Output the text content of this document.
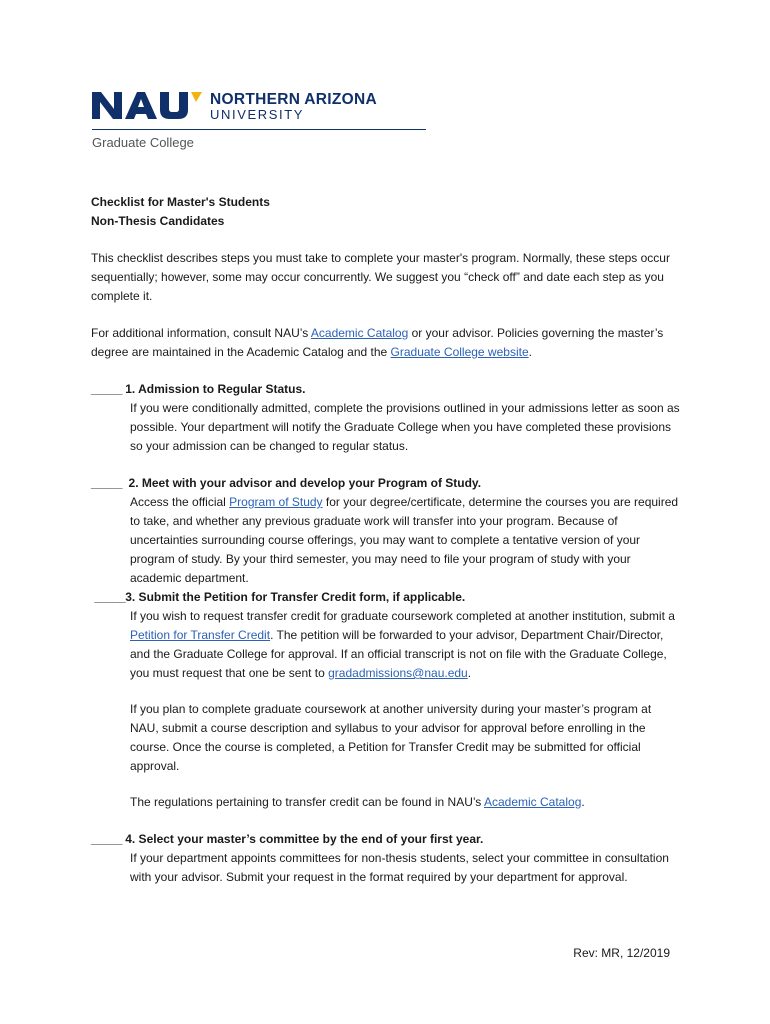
NORTHERN ARIZONA
UNIVERSITY
Graduate College

Checklist for Master's Students

Non-Thesis Candidates

This checklist describes steps you must take to complete your master's program. Normally, these steps occur sequentially; however, some may occur concurrently. We suggest you “check off” and date each step as you complete it.

For additional information, consult NAU’s Academic Catalog or your advisor. Policies governing the master’s degree are maintained in the Academic Catalog and the Graduate College website.

_____ 1. Admission to Regular Status.

If you were conditionally admitted, complete the provisions outlined in your admissions letter as soon as possible. Your department will notify the Graduate College when you have completed these provisions so your admission can be changed to regular status.

_____ 2. Meet with your advisor and develop your Program of Study.

Access the official Program of Study for your degree/certificate, determine the courses you are required to take, and whether any previous graduate work will transfer into your program. Because of uncertainties surrounding course offerings, you may want to complete a tentative version of your program of study. By your third semester, you may need to file your program of study with your academic department.

_____3. Submit the Petition for Transfer Credit form, if applicable.

If you wish to request transfer credit for graduate coursework completed at another institution, submit a Petition for Transfer Credit. The petition will be forwarded to your advisor, Department Chair/Director, and the Graduate College for approval. If an official transcript is not on file with the Graduate College, you must request that one be sent to gradadmissions@nau.edu.

If you plan to complete graduate coursework at another university during your master’s program at NAU, submit a course description and syllabus to your advisor for approval before enrolling in the course. Once the course is completed, a Petition for Transfer Credit may be submitted for official approval.

The regulations pertaining to transfer credit can be found in NAU’s Academic Catalog.

_____ 4. Select your master’s committee by the end of your first year.

If your department appoints committees for non-thesis students, select your committee in consultation with your advisor. Submit your request in the format required by your department for approval.

Rev: MR, 12/2019
